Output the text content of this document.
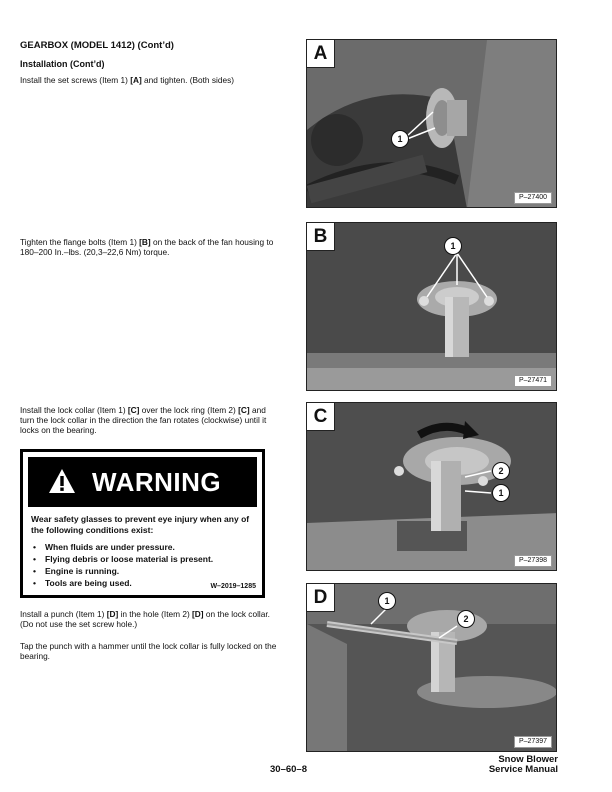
GEARBOX (MODEL 1412) (Cont’d)
Installation (Cont’d)
Install the set screws (Item 1) [A] and tighten. (Both sides)
Tighten the flange bolts (Item 1) [B] on the back of the fan housing to 180–200 In.–lbs. (20,3–22,6 Nm) torque.
Install the lock collar (Item 1) [C] over the lock ring (Item 2) [C] and turn the lock collar in the direction the fan rotates (clockwise) until it locks on the bearing.
WARNING
Wear safety glasses to prevent eye injury when any of the following conditions exist:
• When fluids are under pressure.
• Flying debris or loose material is present.
• Engine is running.
• Tools are being used.	W–2019–1285
Install a punch (Item 1) [D] in the hole (Item 2) [D] on the lock collar. (Do not use the set screw hole.)
Tap the punch with a hammer until the lock collar is fully locked on the bearing.
A
1
P–27400
B	1
P–27471
C
2
1
P–27398
D	1
2
P–27397
30–60–8
Snow Blower
Service Manual
